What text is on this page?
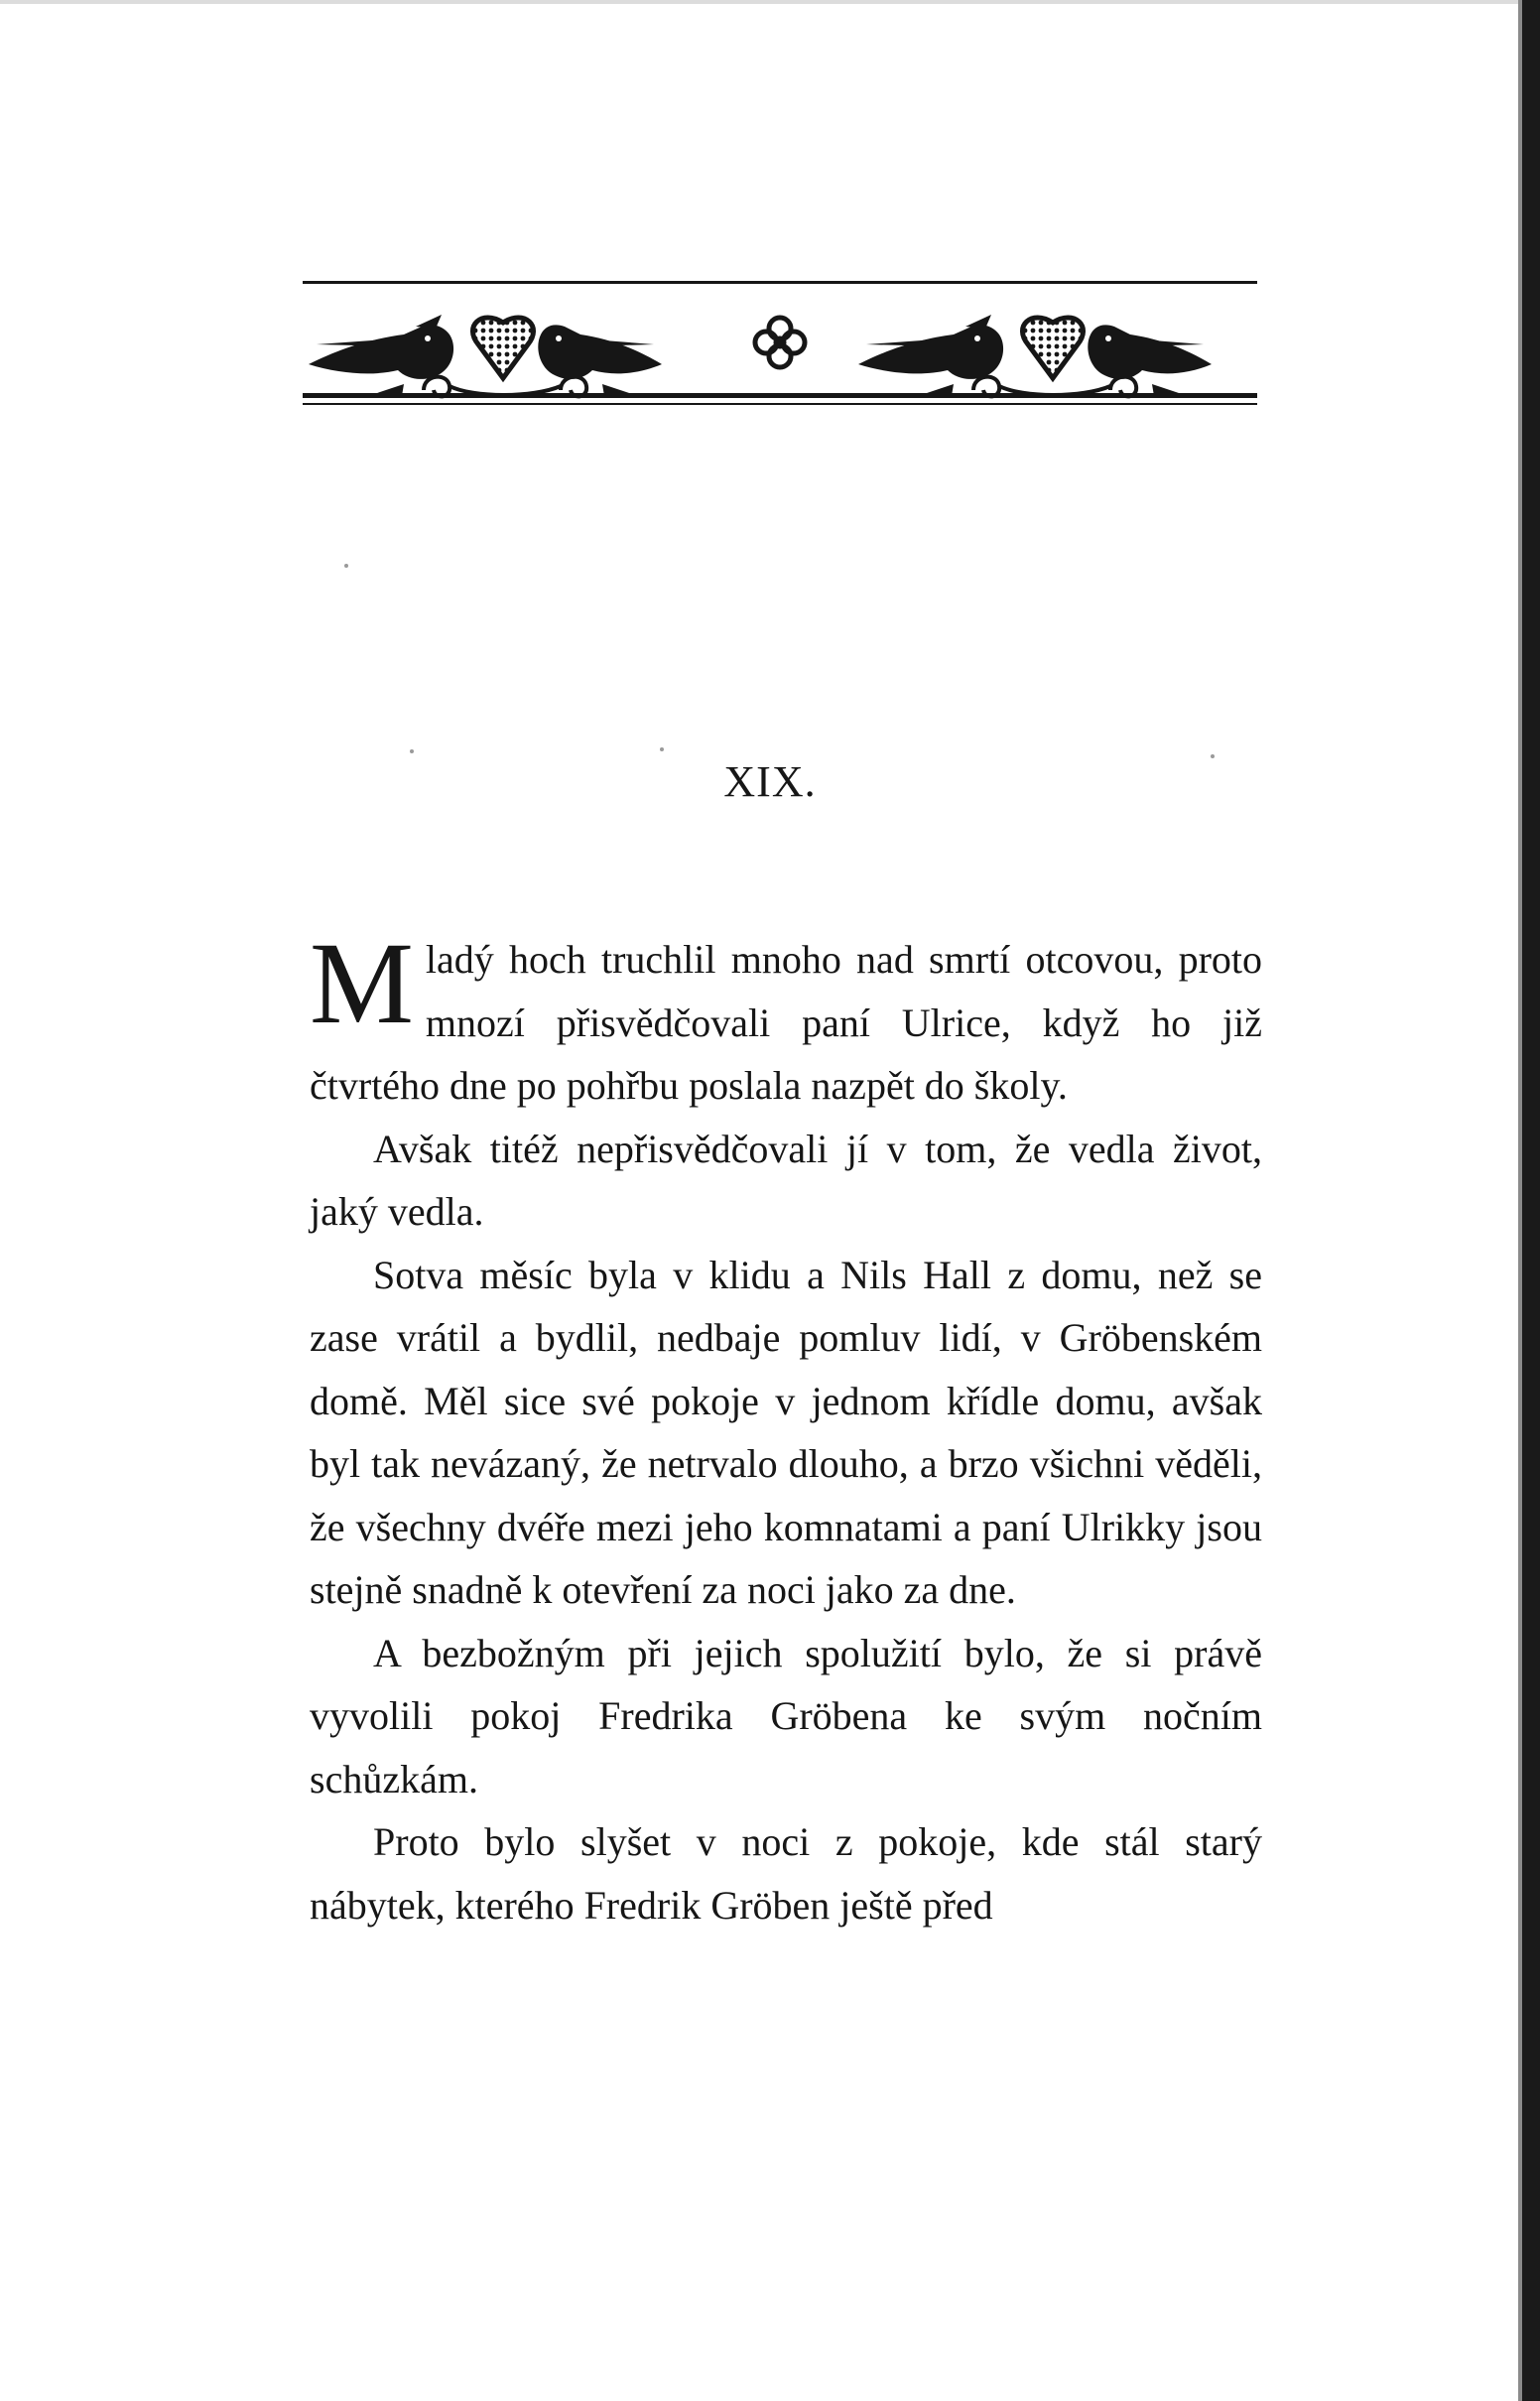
XIX.

Mladý hoch truchlil mnoho nad smrtí otcovou, proto mnozí přisvědčovali paní Ulrice, když ho již čtvrtého dne po pohřbu poslala nazpět do školy.

Avšak titéž nepřisvědčovali jí v tom, že vedla život, jaký vedla.

Sotva měsíc byla v klidu a Nils Hall z domu, než se zase vrátil a bydlil, nedbaje pomluv lidí, v Gröbenském domě. Měl sice své pokoje v jednom křídle domu, avšak byl tak nevázaný, že netrvalo dlouho, a brzo všichni věděli, že všechny dvéře mezi jeho komnatami a paní Ulrikky jsou stejně snadně k otevření za noci jako za dne.

A bezbožným při jejich spolužití bylo, že si právě vyvolili pokoj Fredrika Gröbena ke svým nočním schůzkám.

Proto bylo slyšet v noci z pokoje, kde stál starý nábytek, kterého Fredrik Gröben ještě před
